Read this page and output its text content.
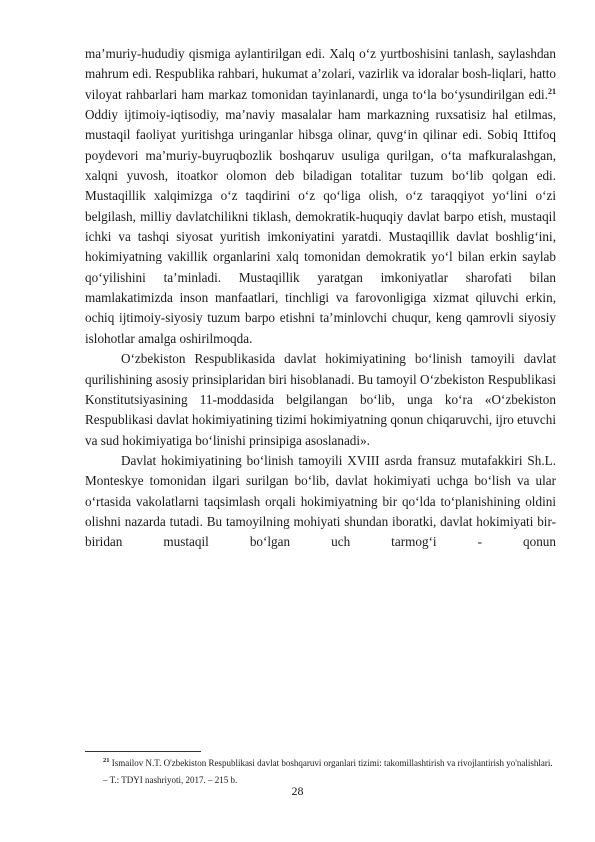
ma’muriy-hududiy qismiga aylantirilgan edi. Xalq o‘z yurtboshisini tanlash, saylashdan mahrum edi. Respublika rahbari, hukumat a’zolari, vazirlik va idoralar bosh-liqlari, hatto viloyat rahbarlari ham markaz tomonidan tayinlanardi, unga to‘la bo‘ysundirilgan edi.$^{21}$ Oddiy ijtimoiy-iqtisodiy, ma’naviy masalalar ham markazning ruxsatisiz hal etilmas, mustaqil faoliyat yuritishga uringanlar hibsga olinar, quvg‘in qilinar edi. Sobiq Ittifoq poydevori ma’muriy-buyruqbozlik boshqaruv usuliga qurilgan, o‘ta mafkuralashgan, xalqni yuvosh, itoatkor olomon deb biladigan totalitar tuzum bo‘lib qolgan edi. Mustaqillik xalqimizga o‘z taqdirini o‘z qo‘liga olish, o‘z taraqqiyot yo‘lini o‘zi belgilash, milliy davlatchilikni tiklash, demokratik-huquqiy davlat barpo etish, mustaqil ichki va tashqi siyosat yuritish imkoniyatini yaratdi. Mustaqillik davlat boshlig‘ini, hokimiyatning vakillik organlarini xalq tomonidan demokratik yo‘l bilan erkin saylab qo‘yilishini ta’minladi. Mustaqillik yaratgan imkoniyatlar sharofati bilan mamlakatimizda inson manfaatlari, tinchligi va farovonligiga xizmat qiluvchi erkin, ochiq ijtimoiy-siyosiy tuzum barpo etishni ta’minlovchi chuqur, keng qamrovli siyosiy islohotlar amalga oshirilmoqda.

O‘zbekiston Respublikasida davlat hokimiyatining bo‘linish tamoyili davlat qurilishining asosiy prinsiplaridan biri hisoblanadi. Bu tamoyil O‘zbekiston Respublikasi Konstitutsiyasining 11-moddasida belgilangan bo‘lib, unga ko‘ra «O‘zbekiston Respublikasi davlat hokimiyatining tizimi hokimiyatning qonun chiqaruvchi, ijro etuvchi va sud hokimiyatiga bo‘linishi prinsipiga asoslanadi».

Davlat hokimiyatining bo‘linish tamoyili XVIII asrda fransuz mutafakkiri Sh.L. Monteskye tomonidan ilgari surilgan bo‘lib, davlat hokimiyati uchga bo‘lish va ular o‘rtasida vakolatlarni taqsimlash orqali hokimiyatning bir qo‘lda to‘planishining oldini olishni nazarda tutadi. Bu tamoyilning mohiyati shundan iboratki, davlat hokimiyati bir-biridan mustaqil bo‘lgan uch tarmog‘i - qonun

$^{21}$ Ismailov N.T. O'zbekiston Respublikasi davlat boshqaruvi organlari tizimi: takomillashtirish va rivojlantirish yo'nalishlari. – T.: TDYI nashriyoti, 2017. – 215 b.
28
